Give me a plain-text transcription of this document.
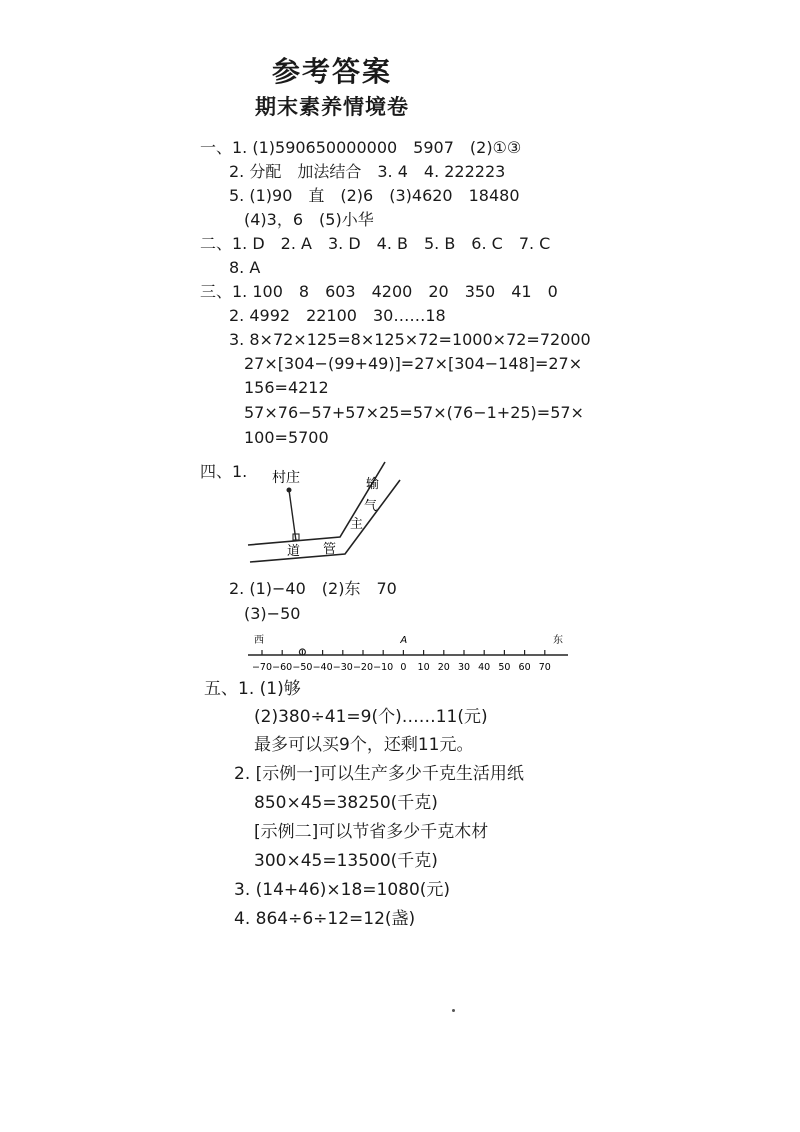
参考答案
期末素养情境卷
一、1. (1)590650000000　5907　(2)①③
2. 分配　加法结合　3. 4　4. 222223
5. (1)90　直　(2)6　(3)4620　18480
(4)3，6　(5)小华
二、1. D　2. A　3. D　4. B　5. B　6. C　7. C
8. A
三、1. 100　8　603　4200　20　350　41　0
2. 4992　22100　30……18
3. 8×72×125=8×125×72=1000×72=72000
27×[304−(99+49)]=27×[304−148]=27×
156=4212
57×76−57+57×25=57×(76−1+25)=57×
100=5700
四、1. 村庄	输
气
主
道 管
2. (1)−40　(2)东　70
(3)−50
西	东
A
−70 −60 −50 −40 −30 −20 −10 0 10 20 30 40 50 60 70
五、1. (1)够
(2)380÷41=9(个)……11(元)
最多可以买9个，还剩11元。
2. [示例一]可以生产多少千克生活用纸
850×45=38250(千克)
[示例二]可以节省多少千克木材
300×45=13500(千克)
3. (14+46)×18=1080(元)
4. 864÷6÷12=12(盏)
